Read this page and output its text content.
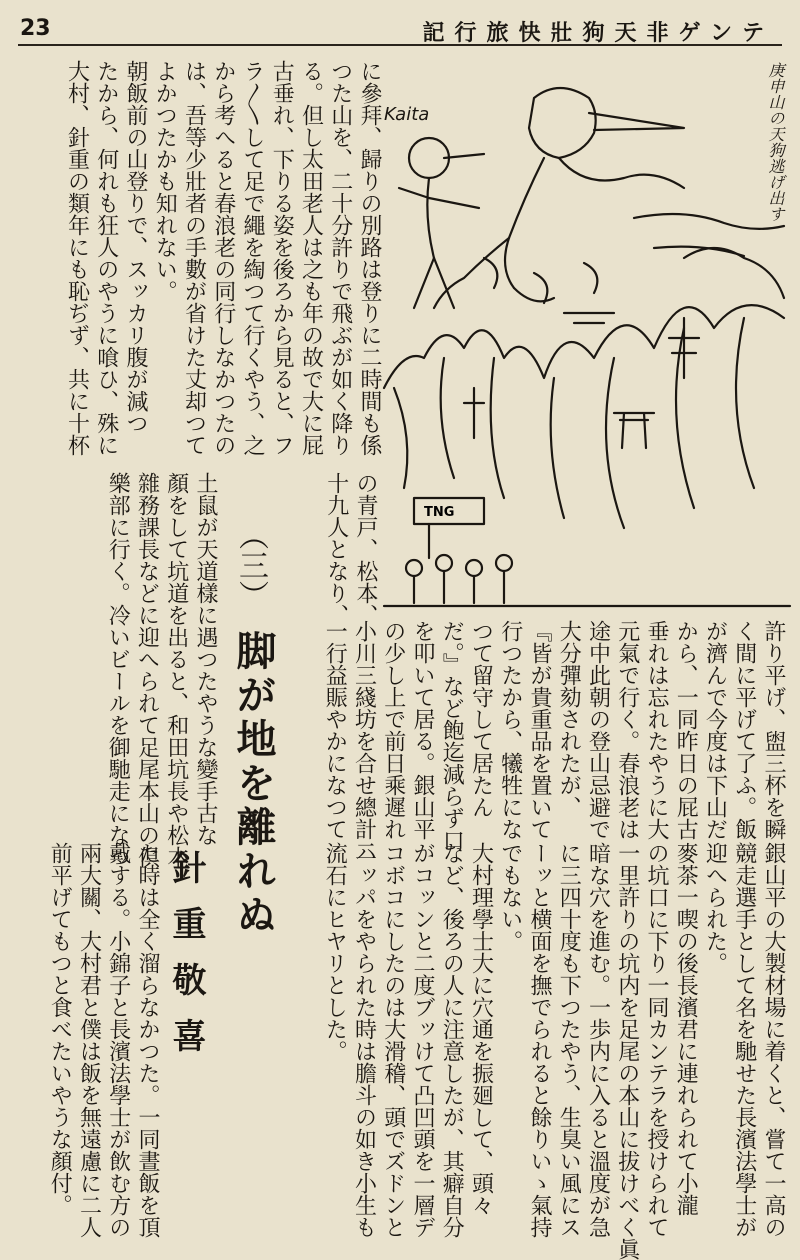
23	記行旅快壯狗天非ゲンテ
に參拜、歸りの別路は登りに二時間も係
つた山を、二十分許りで飛ぶが如く降り
る。但し太田老人は之も年の故で大に屁
古垂れ、下りる姿を後ろから見ると、フ
ラ〳〵して足で繩を綯つて行くやう、之
から考へると春浪老の同行しなかつたの
は、吾等少壯者の手數が省けた丈却つて
よかつたかも知れない。
朝飯前の山登りで、スッカリ腹が減つ
たから、何れも狂人のやうに喰ひ、殊に
大村、針重の類年にも恥ぢず、共に十杯
の青戸、松本、
十九人となり、
土鼠が天道樣に遇つたやうな變手古な
顏をして坑道を出ると、和田坑長や松本
雜務課長などに迎へられて足尾本山の倶
樂部に行く。冷いビールを御馳走になつ	（三）
脚が地を離れぬ
針重敬喜
TNG
Kaita	庚申山の天狗逃げ出す
許り平げ、盥三杯を瞬
く間に平げて了ふ。飯
が濟んで今度は下山だ
から、一同昨日の屁古
垂れは忘れたやうに大
元氣で行く。春浪老は
途中此朝の登山忌避で
大分彈劾されたが、
『皆が貴重品を置いて
行つたから、犧牲にな
つて留守して居たん
だ。』など飽迄減らず口
を叩いて居る。銀山平
の少し上で前日乘遲れ
小川三綫坊を合せ總計二
一行益賑やかになつて
銀山平の大製材場に着くと、嘗て一高の
競走選手として名を馳せた長濱法學士が
迎へられた。
麥茶一喫の後長濱君に連れられて小瀧
の坑口に下り一同カンテラを授けられて
一里許りの坑内を足尾の本山に拔けべく眞
暗な穴を進む。一歩内に入ると溫度が急
に三四十度も下つたやう、生臭い風にス
ーッと横面を撫でられると餘りいゝ氣持
でもない。
大村理學士大に穴通を振廻して、頭々
など、後ろの人に注意したが、其癖自分
がコッンと二度ブッけて凸凹頭を一層デ
コボコにしたのは大滑稽、頭でズドンと
ハッパをやられた時は膽斗の如き小生も
流石にヒヤリとした。
た時は全く溜らなかつた。一同晝飯を頂
戴する。小錦子と長濱法學士が飲む方の
兩大關、大村君と僕は飯を無遠慮に二人
前平げてもつと食べたいやうな顏付。
